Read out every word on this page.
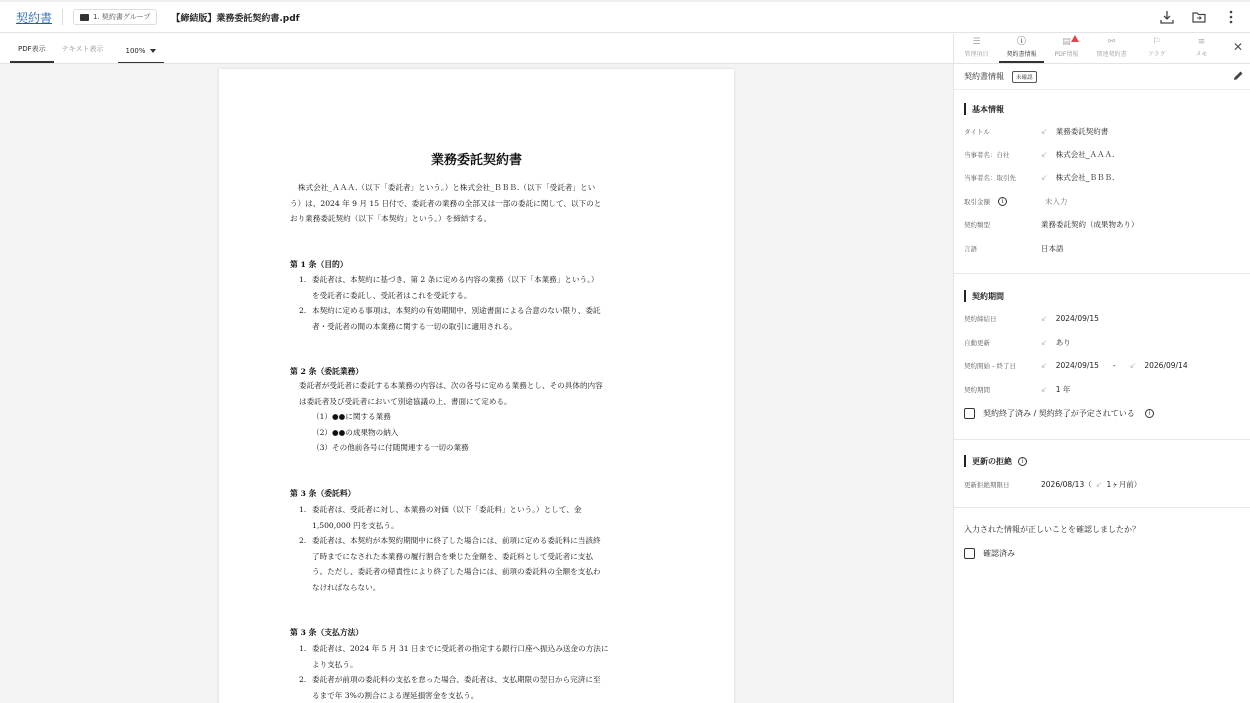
契約書	1. 契約書グループ 【締結版】業務委託契約書.pdf
PDF表示	テキスト表示	100%
業務委託契約書
株式会社_ＡＡＡ.（以下「委託者」という。）と株式会社_ＢＢＢ.（以下「受託者」とい
う）は、2024 年 9 月 15 日付で、委託者の業務の全部又は一部の委託に関して、以下のと
おり業務委託契約（以下「本契約」という。）を締結する。
第 1 条（目的）
1. 委託者は、本契約に基づき、第 2 条に定める内容の業務（以下「本業務」という。）
を受託者に委託し、受託者はこれを受託する。
2. 本契約に定める事項は、本契約の有効期間中、別途書面による合意のない限り、委託
者・受託者の間の本業務に関する一切の取引に適用される。
第 2 条（委託業務）
委託者が受託者に委託する本業務の内容は、次の各号に定める業務とし、その具体的内容
は委託者及び受託者において別途協議の上、書面にて定める。
（1）●●に関する業務
（2）●●の成果物の納入
（3）その他前各号に付随関連する一切の業務
第 3 条（委託料）
1. 委託者は、受託者に対し、本業務の対価（以下「委託料」という。）として、金
1,500,000 円を支払う。
2. 委託者は、本契約が本契約期間中に終了した場合には、前項に定める委託料に当該終
了時までになされた本業務の履行割合を乗じた金額を、委託料として受託者に支払
う。ただし、委託者の帰責性により終了した場合には、前項の委託料の全額を支払わ
なければならない。
第 3 条（支払方法）
1. 委託者は、2024 年 5 月 31 日までに受託者の指定する銀行口座へ振込み送金の方法に
より支払う。
2. 委託者が前項の委託料の支払を怠った場合、委託者は、支払期限の翌日から完済に至
るまで年 3%の割合による遅延損害金を支払う。
☰
管理項目
ⓘ
契約書情報
▤
PDF情報
⚯
関連契約書
⚐
フラグ
≡
メモ
✕
契約書情報	未確認
基本情報
タイトル	↙ 業務委託契約書
当事者名：自社	↙ 株式会社_ＡＡＡ.
当事者名：取引先	↙ 株式会社_ＢＢＢ.
取引金額	i	未入力
契約類型	業務委託契約（成果物あり）
言語	日本語
契約期間
契約締結日	↙ 2024/09/15
自動更新	↙ あり
契約開始 - 終了日	↙ 2024/09/15 - ↙ 2026/09/14
契約期間	↙ 1 年
契約終了済み / 契約終了が予定されている	i
更新の拒絶	i
更新拒絶期限日	2026/08/13（ ↙ 1ヶ月前）
入力された情報が正しいことを確認しましたか？
確認済み
